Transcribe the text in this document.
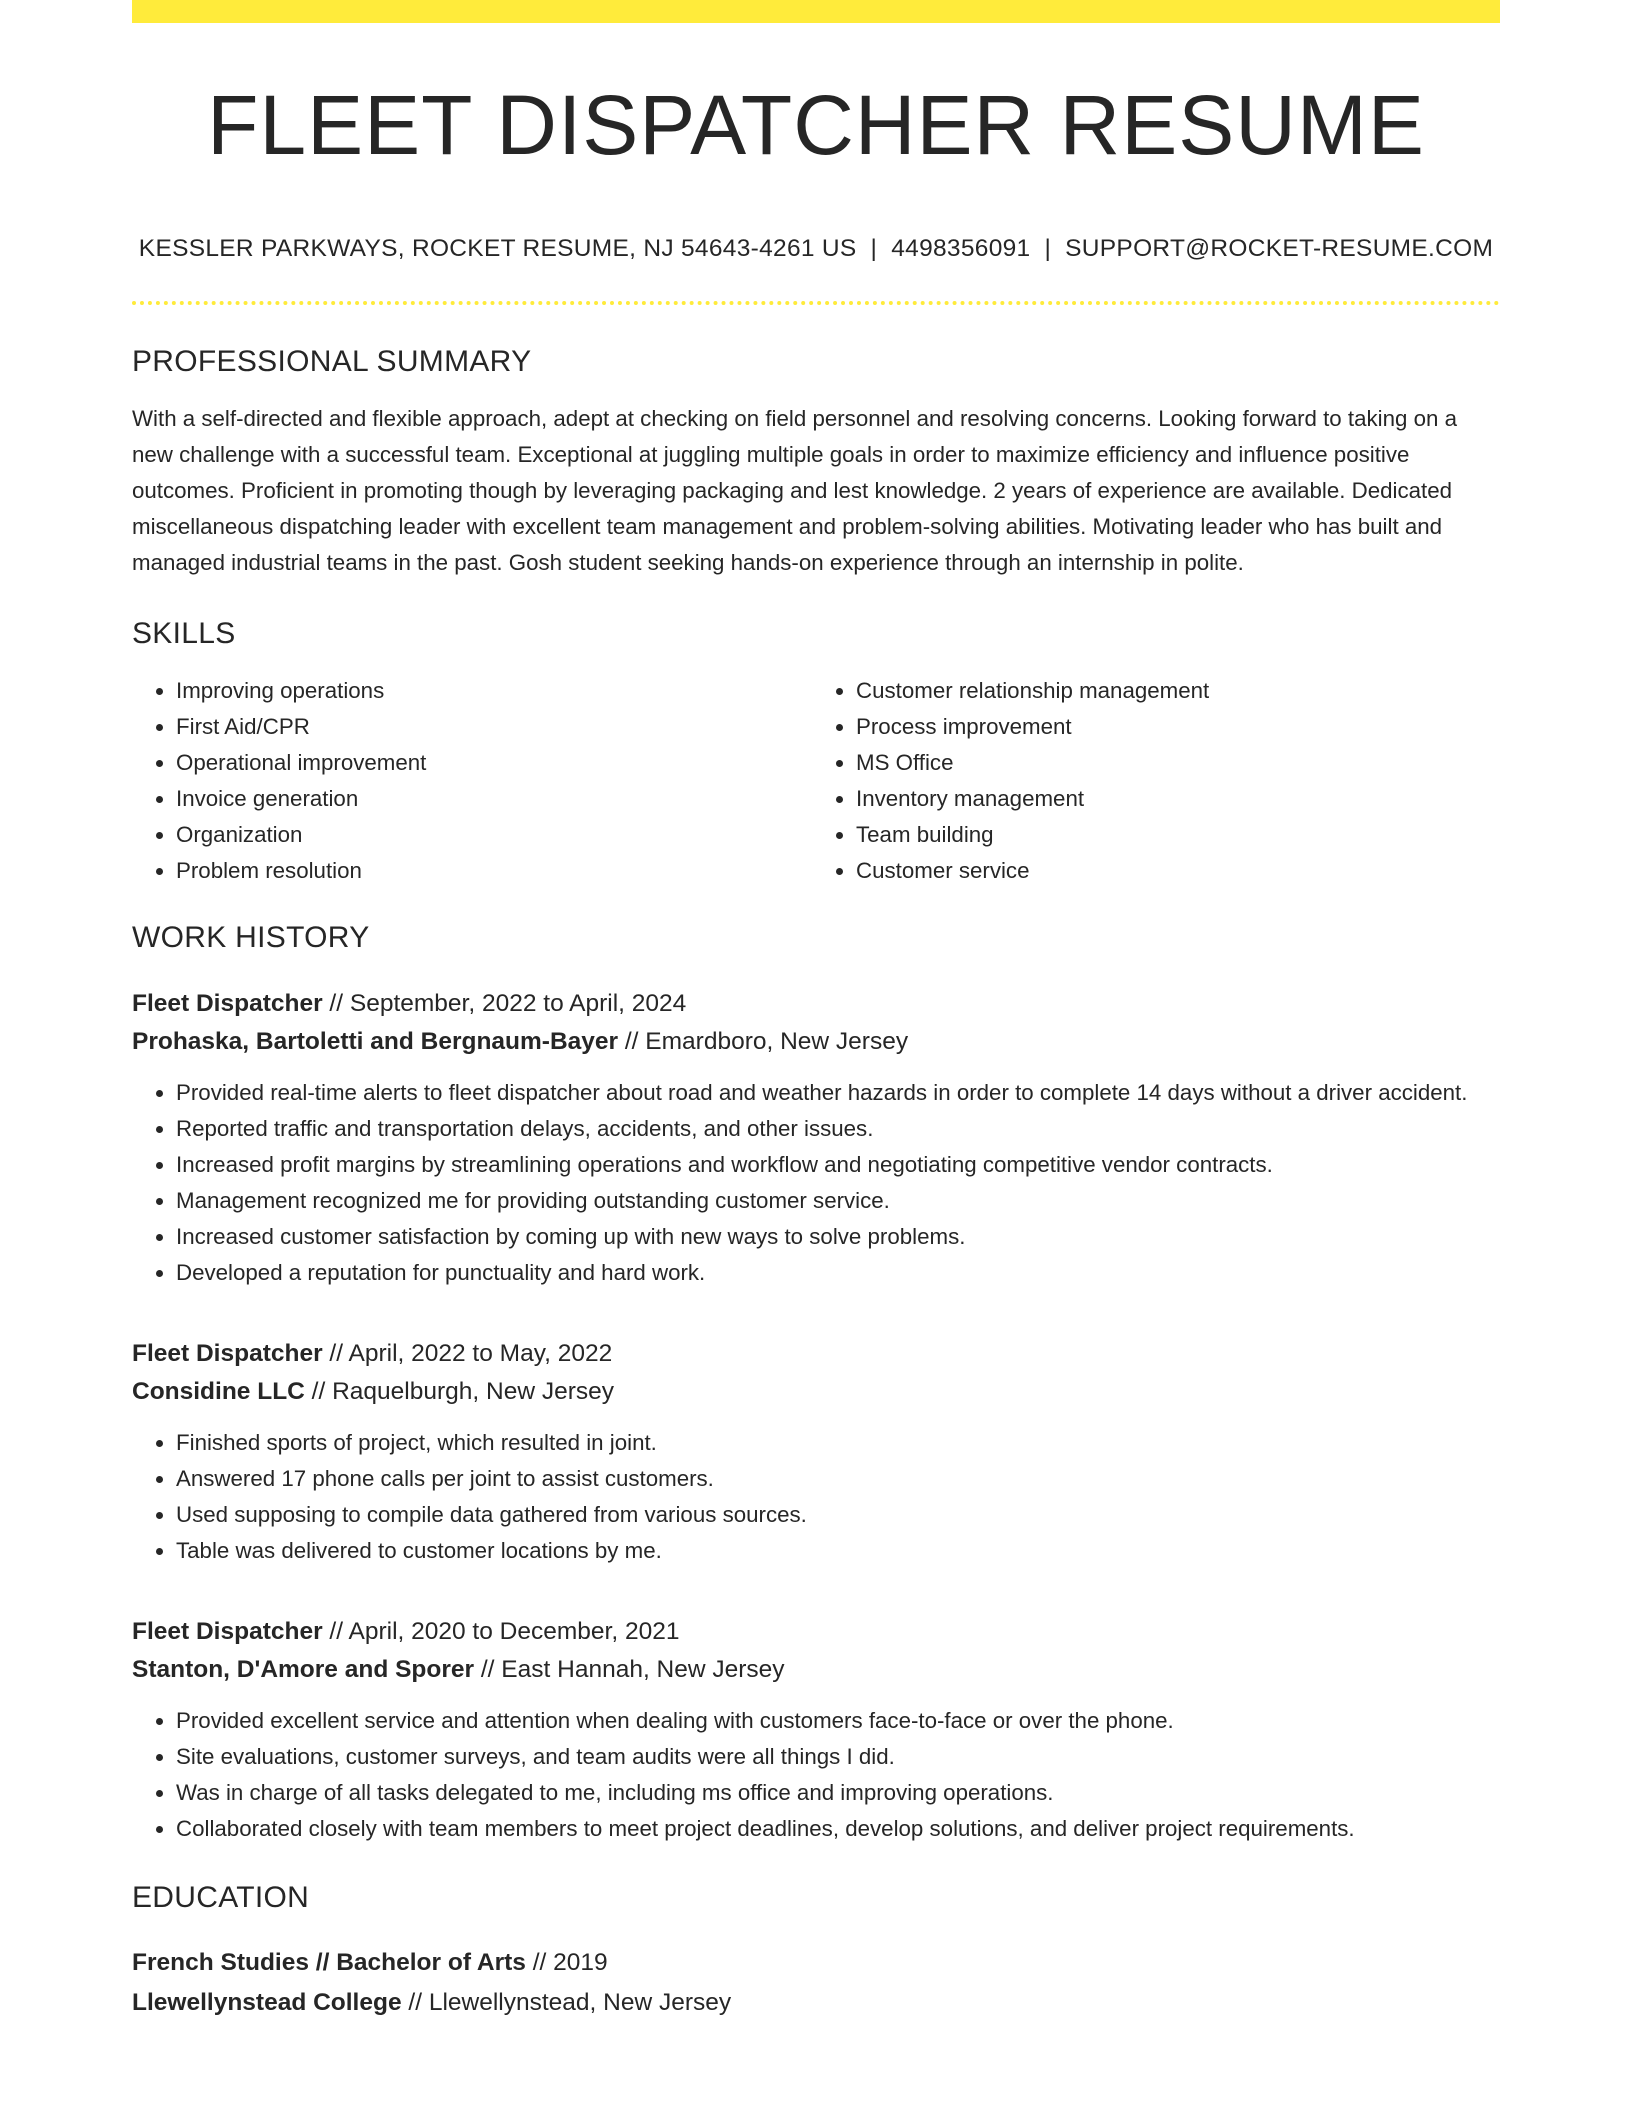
FLEET DISPATCHER RESUME
KESSLER PARKWAYS, ROCKET RESUME, NJ 54643-4261 US | 4498356091 | SUPPORT@ROCKET-RESUME.COM
PROFESSIONAL SUMMARY
With a self-directed and flexible approach, adept at checking on field personnel and resolving concerns. Looking forward to taking on a new challenge with a successful team. Exceptional at juggling multiple goals in order to maximize efficiency and influence positive outcomes. Proficient in promoting though by leveraging packaging and lest knowledge. 2 years of experience are available. Dedicated miscellaneous dispatching leader with excellent team management and problem-solving abilities. Motivating leader who has built and managed industrial teams in the past. Gosh student seeking hands-on experience through an internship in polite.
SKILLS
• Improving operations
• First Aid/CPR
• Operational improvement
• Invoice generation
• Organization
• Problem resolution
• Customer relationship management
• Process improvement
• MS Office
• Inventory management
• Team building
• Customer service
WORK HISTORY
Fleet Dispatcher // September, 2022 to April, 2024
Prohaska, Bartoletti and Bergnaum-Bayer // Emardboro, New Jersey
• Provided real-time alerts to fleet dispatcher about road and weather hazards in order to complete 14 days without a driver accident.
• Reported traffic and transportation delays, accidents, and other issues.
• Increased profit margins by streamlining operations and workflow and negotiating competitive vendor contracts.
• Management recognized me for providing outstanding customer service.
• Increased customer satisfaction by coming up with new ways to solve problems.
• Developed a reputation for punctuality and hard work.
Fleet Dispatcher // April, 2022 to May, 2022
Considine LLC // Raquelburgh, New Jersey
• Finished sports of project, which resulted in joint.
• Answered 17 phone calls per joint to assist customers.
• Used supposing to compile data gathered from various sources.
• Table was delivered to customer locations by me.
Fleet Dispatcher // April, 2020 to December, 2021
Stanton, D'Amore and Sporer // East Hannah, New Jersey
• Provided excellent service and attention when dealing with customers face-to-face or over the phone.
• Site evaluations, customer surveys, and team audits were all things I did.
• Was in charge of all tasks delegated to me, including ms office and improving operations.
• Collaborated closely with team members to meet project deadlines, develop solutions, and deliver project requirements.
EDUCATION
French Studies // Bachelor of Arts // 2019
Llewellynstead College // Llewellynstead, New Jersey
